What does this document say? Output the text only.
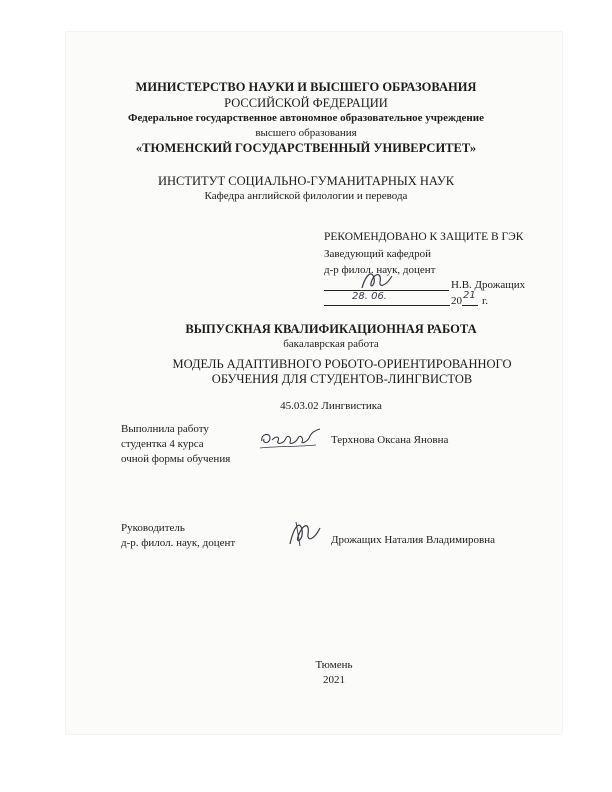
МИНИСТЕРСТВО НАУКИ И ВЫСШЕГО ОБРАЗОВАНИЯ
РОССИЙСКОЙ ФЕДЕРАЦИИ
Федеральное государственное автономное образовательное учреждение
высшего образования
«ТЮМЕНСКИЙ ГОСУДАРСТВЕННЫЙ УНИВЕРСИТЕТ»
ИНСТИТУТ СОЦИАЛЬНО-ГУМАНИТАРНЫХ НАУК
Кафедра английской филологии и перевода
РЕКОМЕНДОВАНО К ЗАЩИТЕ В ГЭК
Заведующий кафедрой
д-р филол. наук, доцент
Н.В. Дрожащих
28. 06.	20 21 г.
ВЫПУСКНАЯ КВАЛИФИКАЦИОННАЯ РАБОТА
бакалаврская работа
МОДЕЛЬ АДАПТИВНОГО РОБОТО-ОРИЕНТИРОВАННОГО
ОБУЧЕНИЯ ДЛЯ СТУДЕНТОВ-ЛИНГВИСТОВ
45.03.02 Лингвистика
Выполнила работу
студентка 4 курса
очной формы обучения
Терхнова Оксана Яновна
Руководитель
д-р. филол. наук, доцент	Дрожащих Наталия Владимировна
Тюмень
2021
